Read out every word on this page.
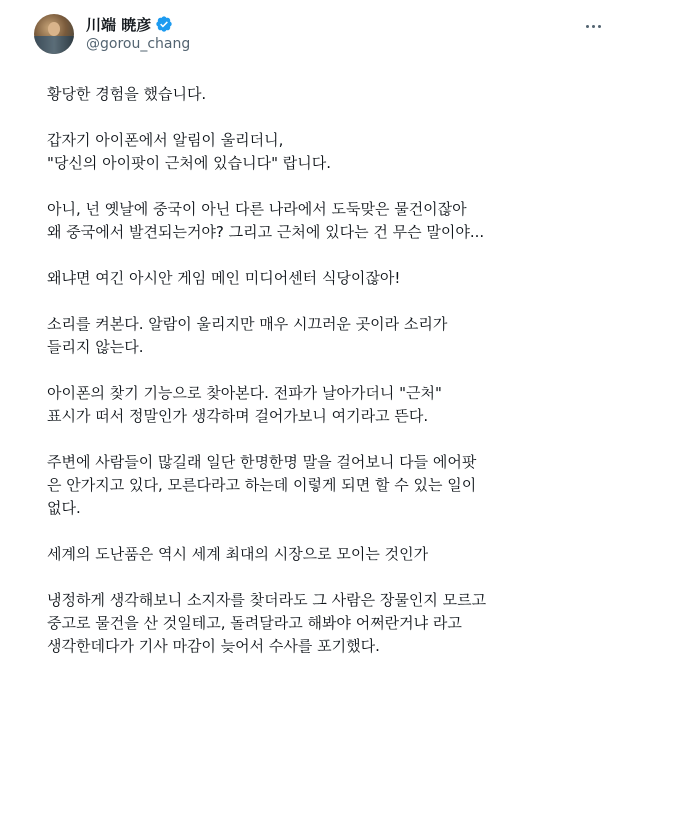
川端 暁彦
@gorou_chang
황당한 경험을 했습니다.
갑자기 아이폰에서 알림이 울리더니,
"당신의 아이팟이 근처에 있습니다" 랍니다.
아니, 넌 옛날에 중국이 아닌 다른 나라에서 도둑맞은 물건이잖아
왜 중국에서 발견되는거야? 그리고 근처에 있다는 건 무슨 말이야...
왜냐면 여긴 아시안 게임 메인 미디어센터 식당이잖아!
소리를 켜본다. 알람이 울리지만 매우 시끄러운 곳이라 소리가
들리지 않는다.
아이폰의 찾기 기능으로 찾아본다. 전파가 날아가더니 "근처"
표시가 떠서 정말인가 생각하며 걸어가보니 여기라고 뜬다.
주변에 사람들이 많길래 일단 한명한명 말을 걸어보니 다들 에어팟
은 안가지고 있다, 모른다라고 하는데 이렇게 되면 할 수 있는 일이
없다.
세계의 도난품은 역시 세계 최대의 시장으로 모이는 것인가
냉정하게 생각해보니 소지자를 찾더라도 그 사람은 장물인지 모르고
중고로 물건을 산 것일테고, 돌려달라고 해봐야 어쩌란거냐 라고
생각한데다가 기사 마감이 늦어서 수사를 포기했다.
